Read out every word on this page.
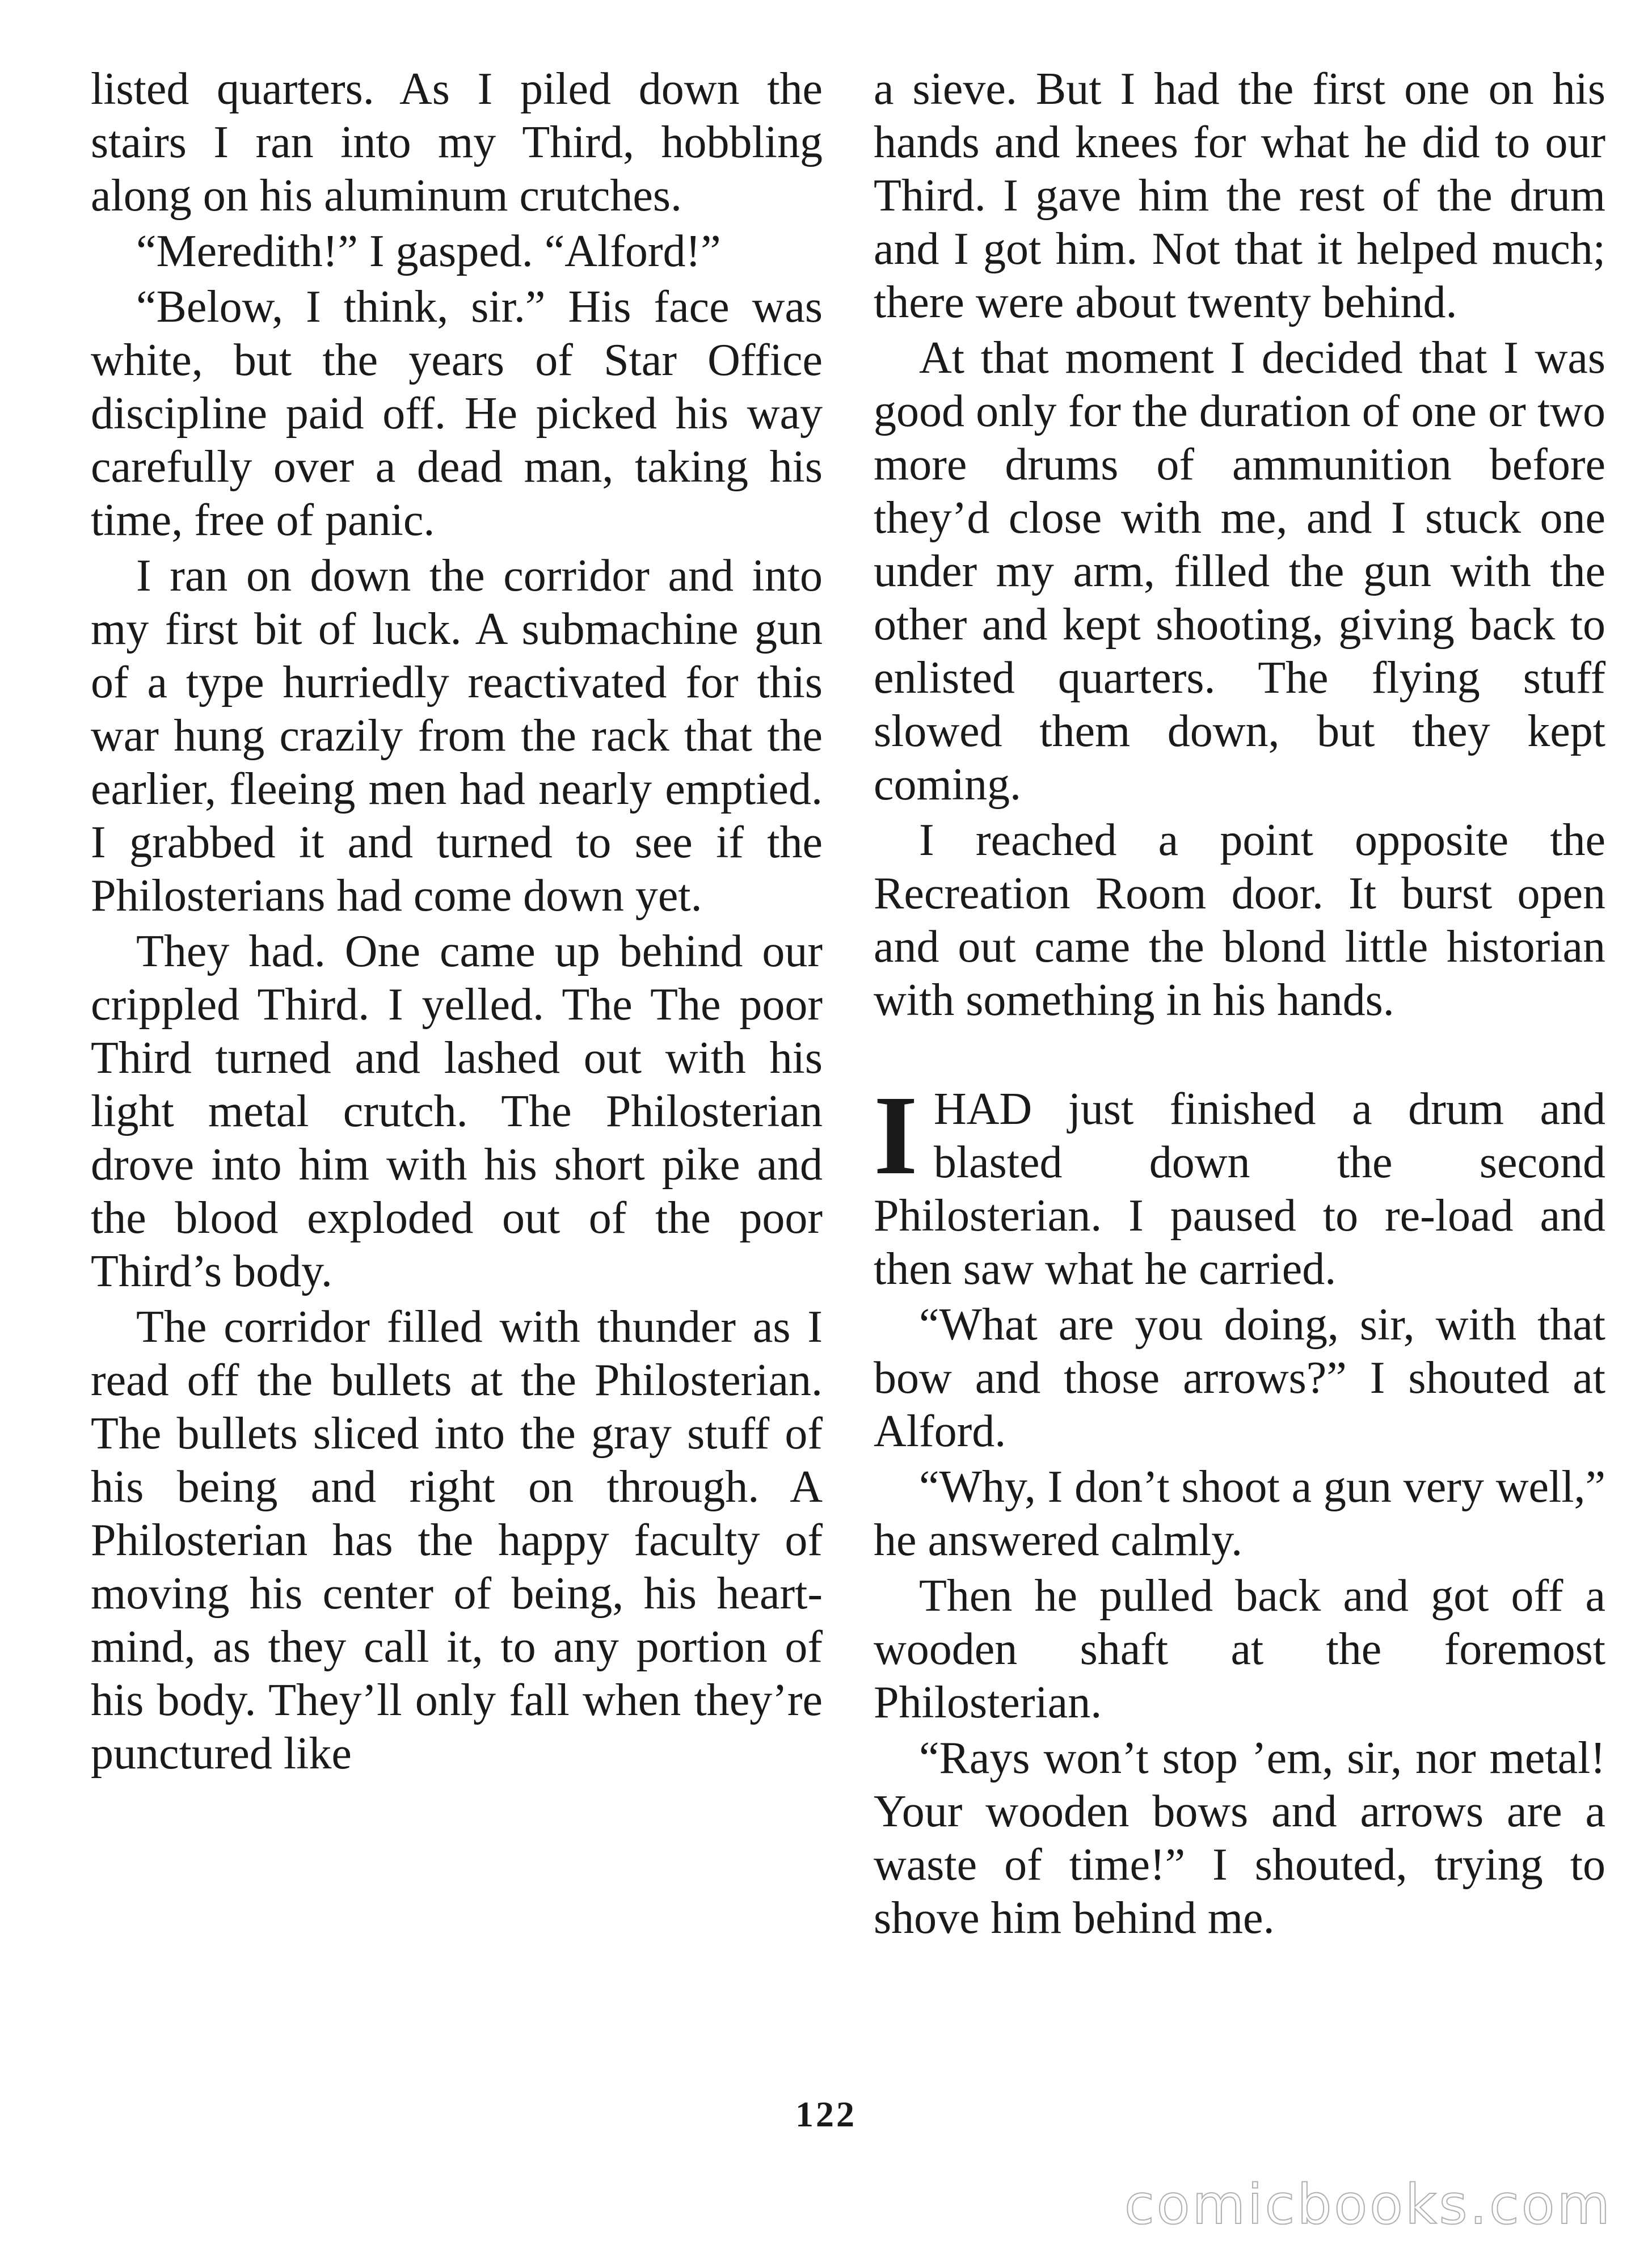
listed quarters. As I piled down the stairs I ran into my Third, hobbling along on his aluminum crutches.

“Meredith!” I gasped. “Alford!”

“Below, I think, sir.” His face was white, but the years of Star Office discipline paid off. He picked his way carefully over a dead man, taking his time, free of panic.

I ran on down the corridor and into my first bit of luck. A submachine gun of a type hurriedly reactivated for this war hung crazily from the rack that the earlier, fleeing men had nearly emptied. I grabbed it and turned to see if the Philosterians had come down yet.

They had. One came up behind our crippled Third. I yelled. The The poor Third turned and lashed out with his light metal crutch. The Philosterian drove into him with his short pike and the blood exploded out of the poor Third’s body.

The corridor filled with thunder as I read off the bullets at the Philosterian. The bullets sliced into the gray stuff of his being and right on through. A Philosterian has the happy faculty of moving his center of being, his heart-mind, as they call it, to any portion of his body. They’ll only fall when they’re punctured like

a sieve. But I had the first one on his hands and knees for what he did to our Third. I gave him the rest of the drum and I got him. Not that it helped much; there were about twenty behind.

At that moment I decided that I was good only for the duration of one or two more drums of ammunition before they’d close with me, and I stuck one under my arm, filled the gun with the other and kept shooting, giving back to enlisted quarters. The flying stuff slowed them down, but they kept coming.

I reached a point opposite the Recreation Room door. It burst open and out came the blond little historian with something in his hands.

IHAD just finished a drum and blasted down the second Philosterian. I paused to re-load and then saw what he carried.

“What are you doing, sir, with that bow and those arrows?” I shouted at Alford.

“Why, I don’t shoot a gun very well,” he answered calmly.

Then he pulled back and got off a wooden shaft at the foremost Philosterian.

“Rays won’t stop ’em, sir, nor metal! Your wooden bows and arrows are a waste of time!” I shouted, trying to shove him behind me.

122
comicbooks.com
